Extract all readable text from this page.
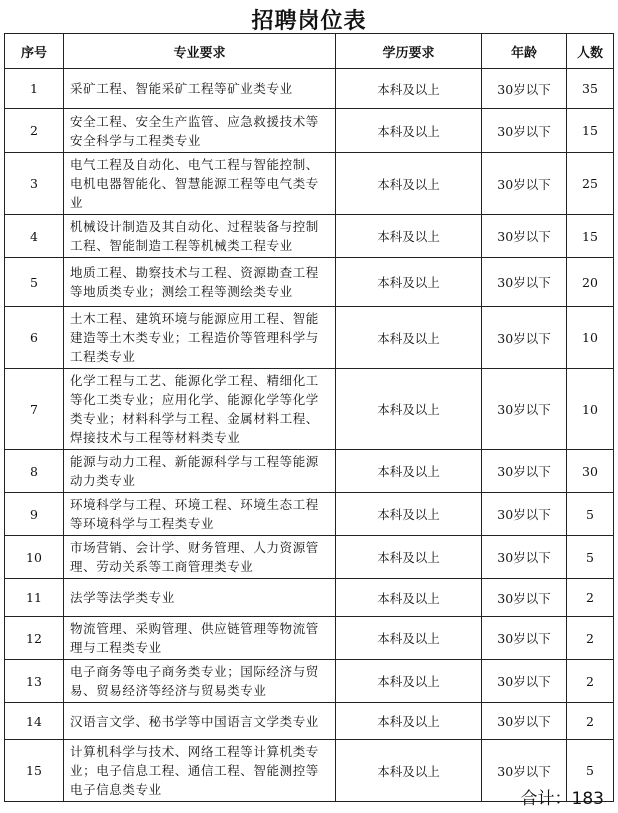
招聘岗位表
序号	专业要求	学历要求	年龄	人数
1	采矿工程、智能采矿工程等矿业类专业	本科及以上	30岁以下	35
2	安全工程、安全生产监管、应急救援技术等安全科学与工程类专业	本科及以上	30岁以下	15
3	电气工程及自动化、电气工程与智能控制、电机电器智能化、智慧能源工程等电气类专业	本科及以上	30岁以下	25
4	机械设计制造及其自动化、过程装备与控制工程、智能制造工程等机械类工程专业	本科及以上	30岁以下	15
5	地质工程、勘察技术与工程、资源勘查工程等地质类专业；测绘工程等测绘类专业	本科及以上	30岁以下	20
6	土木工程、建筑环境与能源应用工程、智能建造等土木类专业；工程造价等管理科学与工程类专业	本科及以上	30岁以下	10
7	化学工程与工艺、能源化学工程、精细化工等化工类专业；应用化学、能源化学等化学类专业；材料科学与工程、金属材料工程、焊接技术与工程等材料类专业	本科及以上	30岁以下	10
8	能源与动力工程、新能源科学与工程等能源动力类专业	本科及以上	30岁以下	30
9	环境科学与工程、环境工程、环境生态工程等环境科学与工程类专业	本科及以上	30岁以下	5
10	市场营销、会计学、财务管理、人力资源管理、劳动关系等工商管理类专业	本科及以上	30岁以下	5
11	法学等法学类专业	本科及以上	30岁以下	2
12	物流管理、采购管理、供应链管理等物流管理与工程类专业	本科及以上	30岁以下	2
13	电子商务等电子商务类专业；国际经济与贸易、贸易经济等经济与贸易类专业	本科及以上	30岁以下	2
14	汉语言文学、秘书学等中国语言文学类专业	本科及以上	30岁以下	2
15	计算机科学与技术、网络工程等计算机类专业；电子信息工程、通信工程、智能测控等电子信息类专业	本科及以上	30岁以下	5
合计：183
